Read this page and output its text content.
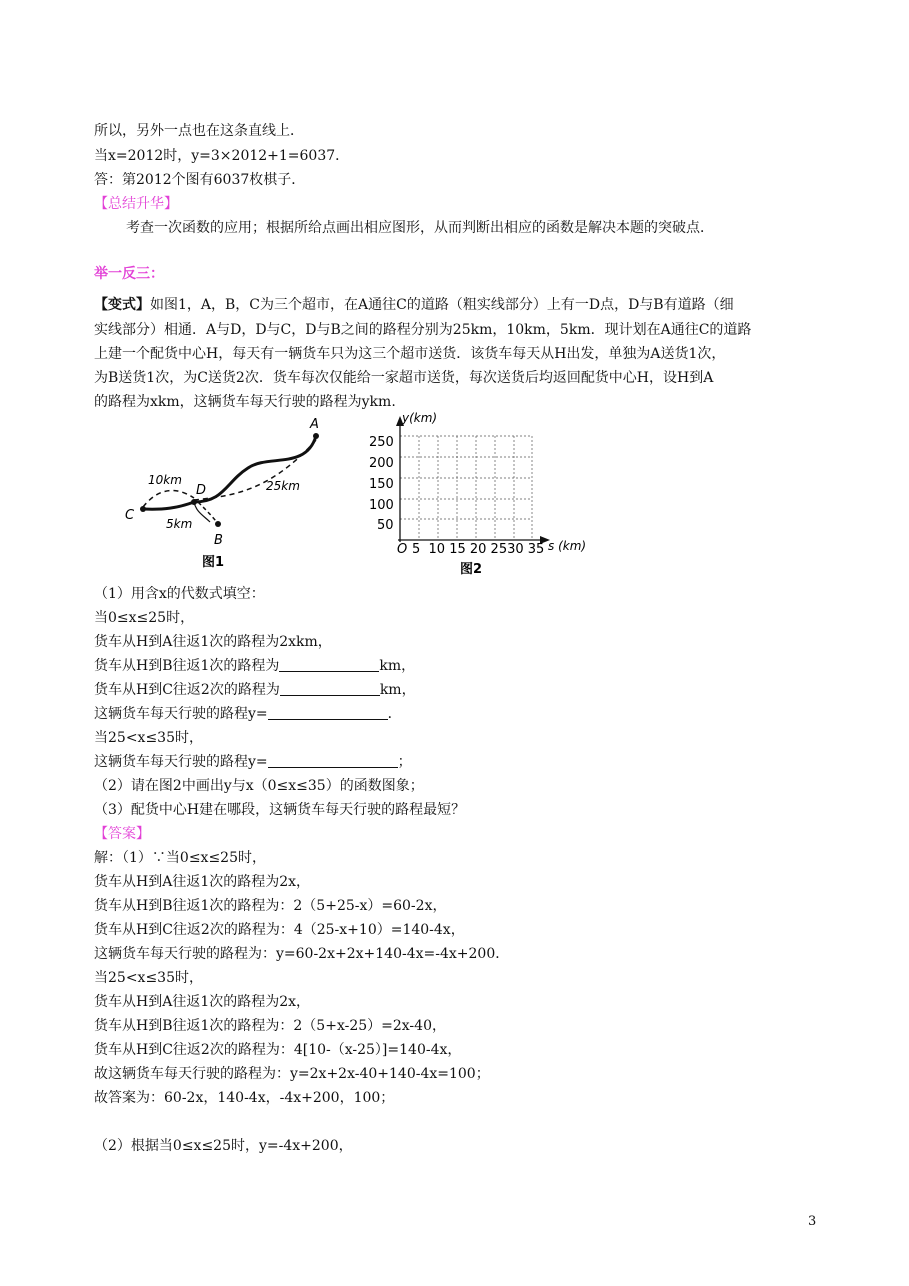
所以，另外一点也在这条直线上．
当x=2012时，y=3×2012+1=6037．
答：第2012个图有6037枚棋子．
【总结升华】
考查一次函数的应用；根据所给点画出相应图形，从而判断出相应的函数是解决本题的突破点．
举一反三：
【变式】如图1，A，B，C为三个超市，在A通往C的道路（粗实线部分）上有一D点，D与B有道路（细
实线部分）相通．A与D，D与C，D与B之间的路程分别为25km，10km，5km．现计划在A通往C的道路
上建一个配货中心H，每天有一辆货车只为这三个超市送货．该货车每天从H出发，单独为A送货1次，
为B送货1次，为C送货2次．货车每次仅能给一家超市送货，每次送货后均返回配货中心H，设H到A
的路程为xkm，这辆货车每天行驶的路程为ykm.
A
D
C
B
10km	25km
5km
图1
y(km)
s (km)
O
250
200
150
100
50
5  10 15 20 2530 35
图2
（1）用含x的代数式填空：
当0≤x≤25时，
货车从H到A往返1次的路程为2xkm，
货车从H到B往返1次的路程为	km，
货车从H到C往返2次的路程为	km，
这辆货车每天行驶的路程y=	．
当25<x≤35时，
这辆货车每天行驶的路程y=	；
（2）请在图2中画出y与x（0≤x≤35）的函数图象；
（3）配货中心H建在哪段，这辆货车每天行驶的路程最短？
【答案】
解：（1）∵当0≤x≤25时，
货车从H到A往返1次的路程为2x，
货车从H到B往返1次的路程为：2（5+25-x）=60-2x，
货车从H到C往返2次的路程为：4（25-x+10）=140-4x，
这辆货车每天行驶的路程为：y=60-2x+2x+140-4x=-4x+200．
当25<x≤35时，
货车从H到A往返1次的路程为2x，
货车从H到B往返1次的路程为：2（5+x-25）=2x-40，
货车从H到C往返2次的路程为：4[10-（x-25）]=140-4x，
故这辆货车每天行驶的路程为：y=2x+2x-40+140-4x=100；
故答案为：60-2x，140-4x，-4x+200，100；
（2）根据当0≤x≤25时，y=-4x+200，
3
